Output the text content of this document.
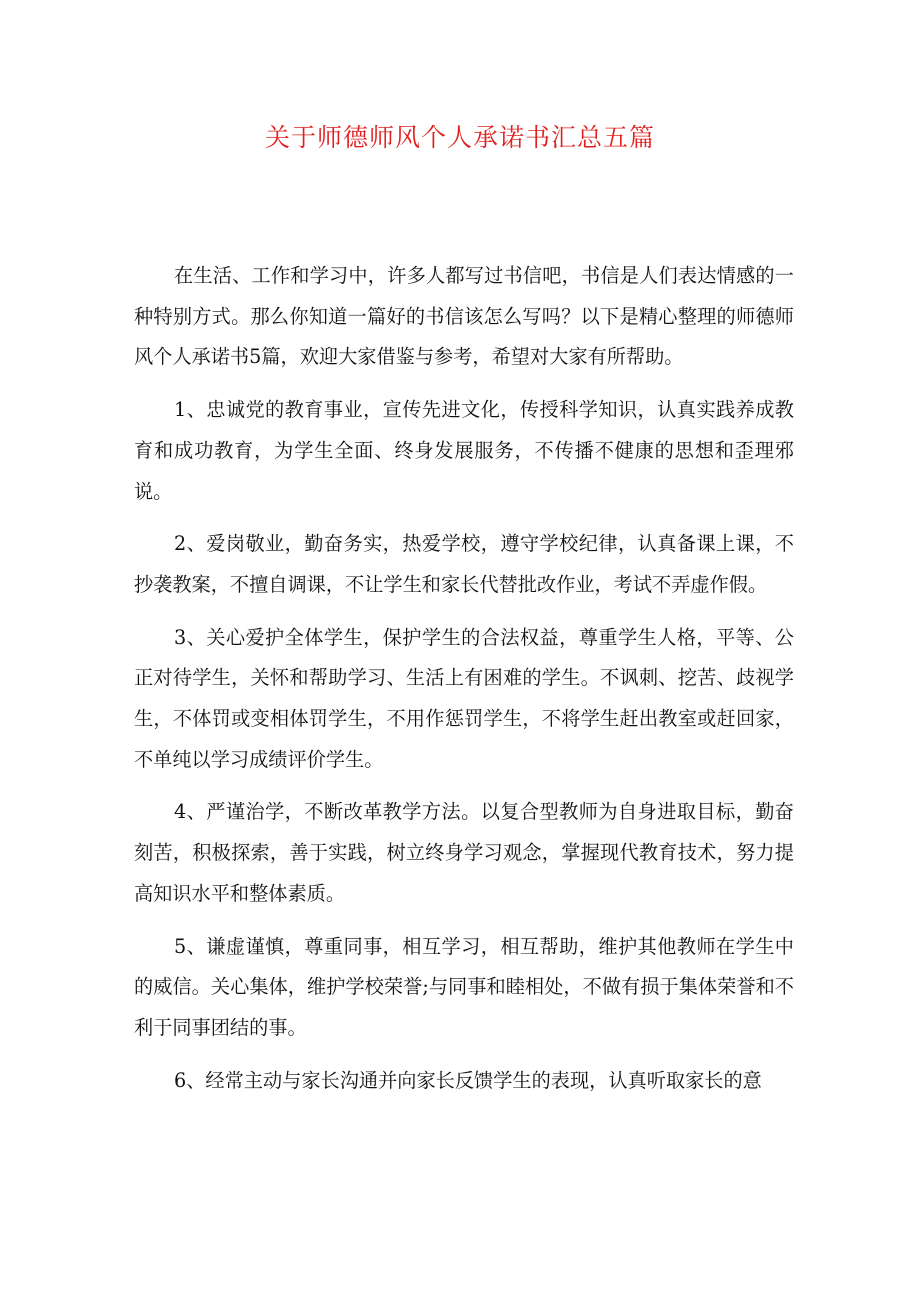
关于师德师风个人承诺书汇总五篇

在生活、工作和学习中，许多人都写过书信吧，书信是人们表达情感的一种特别方式。那么你知道一篇好的书信该怎么写吗？以下是精心整理的师德师风个人承诺书5篇，欢迎大家借鉴与参考，希望对大家有所帮助。

1、忠诚党的教育事业，宣传先进文化，传授科学知识，认真实践养成教育和成功教育，为学生全面、终身发展服务，不传播不健康的思想和歪理邪说。

2、爱岗敬业，勤奋务实，热爱学校，遵守学校纪律，认真备课上课，不抄袭教案，不擅自调课，不让学生和家长代替批改作业，考试不弄虚作假。

3、关心爱护全体学生，保护学生的合法权益，尊重学生人格，平等、公正对待学生，关怀和帮助学习、生活上有困难的学生。不讽刺、挖苦、歧视学生，不体罚或变相体罚学生，不用作惩罚学生，不将学生赶出教室或赶回家，不单纯以学习成绩评价学生。

4、严谨治学，不断改革教学方法。以复合型教师为自身进取目标，勤奋刻苦，积极探索，善于实践，树立终身学习观念，掌握现代教育技术，努力提高知识水平和整体素质。

5、谦虚谨慎，尊重同事，相互学习，相互帮助，维护其他教师在学生中的威信。关心集体，维护学校荣誉;与同事和睦相处，不做有损于集体荣誉和不利于同事团结的事。

6、经常主动与家长沟通并向家长反馈学生的表现，认真听取家长的意
